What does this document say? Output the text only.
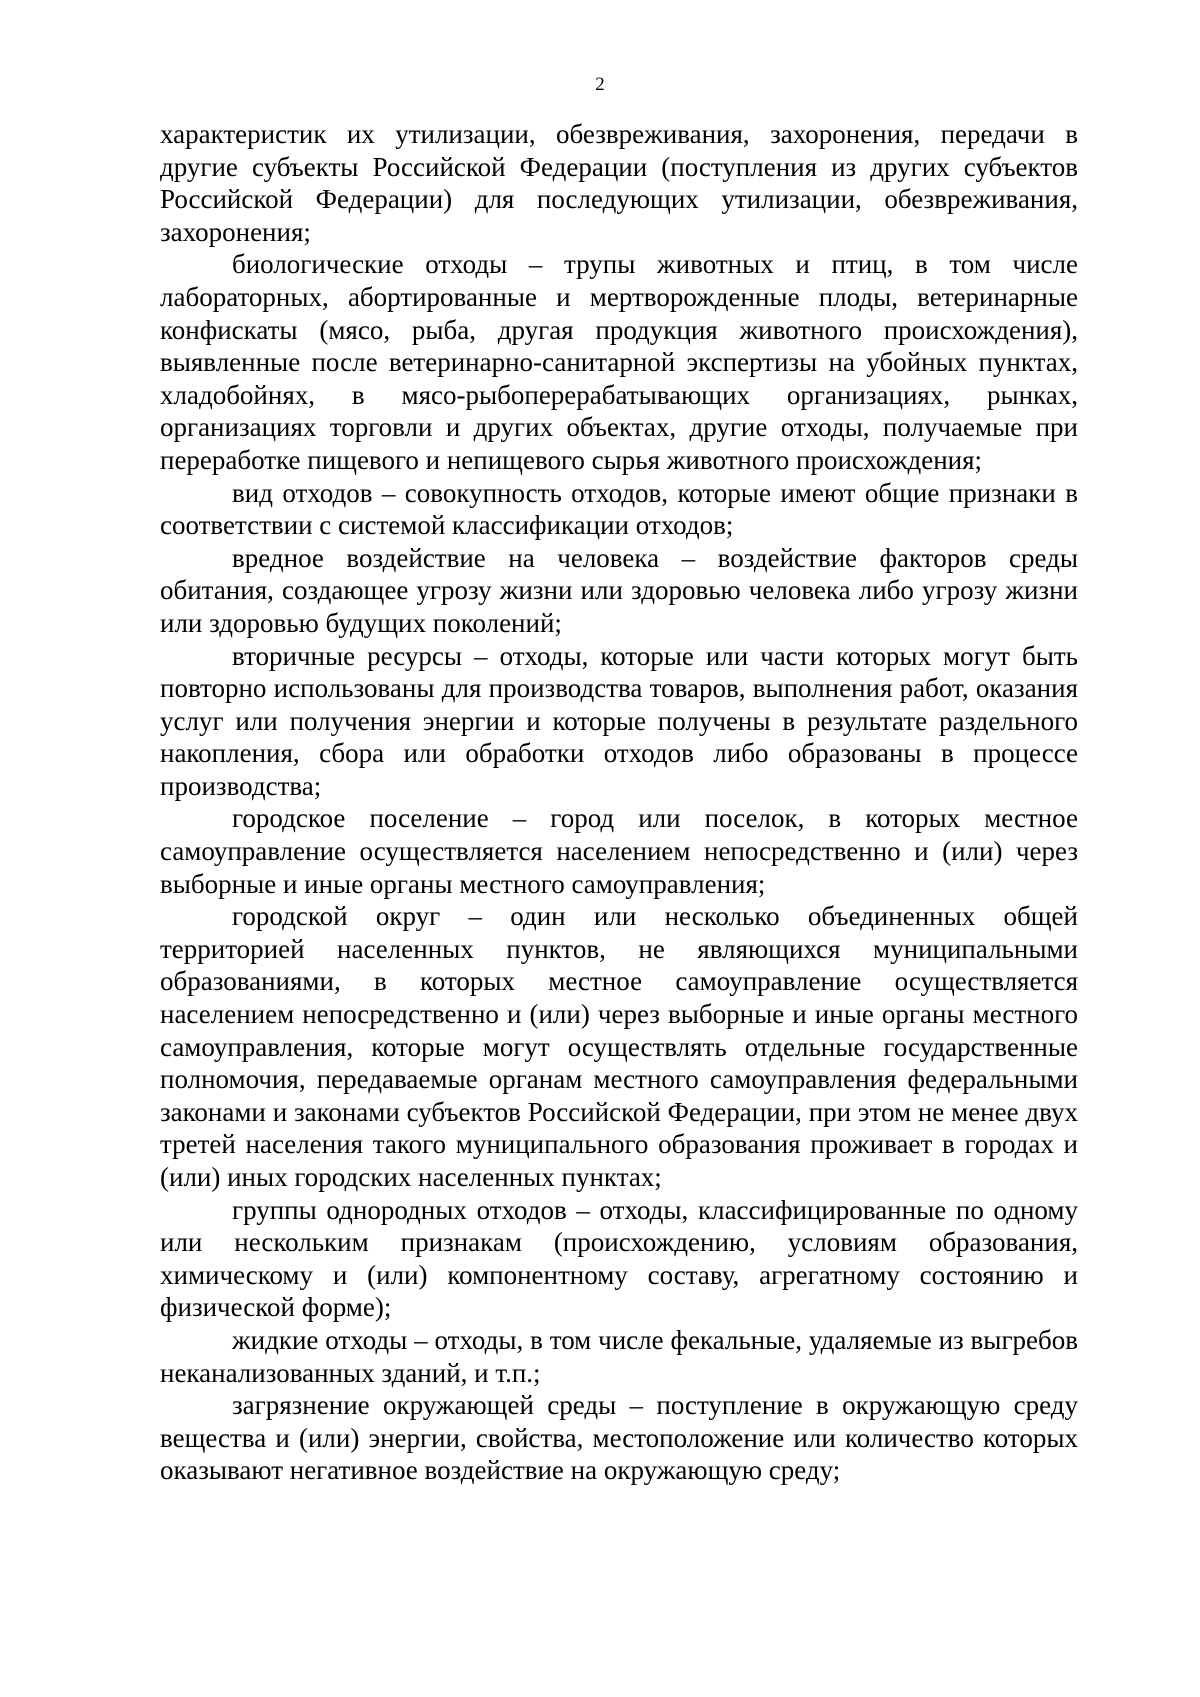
2

характеристик их утилизации, обезвреживания, захоронения, передачи в другие субъекты Российской Федерации (поступления из других субъектов Российской Федерации) для последующих утилизации, обезвреживания, захоронения;

биологические отходы – трупы животных и птиц, в том числе лабораторных, абортированные и мертворожденные плоды, ветеринарные конфискаты (мясо, рыба, другая продукция животного происхождения), выявленные после ветеринарно-санитарной экспертизы на убойных пунктах, хладобойнях, в мясо-рыбоперерабатывающих организациях, рынках, организациях торговли и других объектах, другие отходы, получаемые при переработке пищевого и непищевого сырья животного происхождения;

вид отходов – совокупность отходов, которые имеют общие признаки в соответствии с системой классификации отходов;

вредное воздействие на человека – воздействие факторов среды обитания, создающее угрозу жизни или здоровью человека либо угрозу жизни или здоровью будущих поколений;

вторичные ресурсы – отходы, которые или части которых могут быть повторно использованы для производства товаров, выполнения работ, оказания услуг или получения энергии и которые получены в результате раздельного накопления, сбора или обработки отходов либо образованы в процессе производства;

городское поселение – город или поселок, в которых местное самоуправление осуществляется населением непосредственно и (или) через выборные и иные органы местного самоуправления;

городской округ – один или несколько объединенных общей территорией населенных пунктов, не являющихся муниципальными образованиями, в которых местное самоуправление осуществляется населением непосредственно и (или) через выборные и иные органы местного самоуправления, которые могут осуществлять отдельные государственные полномочия, передаваемые органам местного самоуправления федеральными законами и законами субъектов Российской Федерации, при этом не менее двух третей населения такого муниципального образования проживает в городах и (или) иных городских населенных пунктах;

группы однородных отходов – отходы, классифицированные по одному или нескольким признакам (происхождению, условиям образования, химическому и (или) компонентному составу, агрегатному состоянию и физической форме);

жидкие отходы – отходы, в том числе фекальные, удаляемые из выгребов неканализованных зданий, и т.п.;

загрязнение окружающей среды – поступление в окружающую среду вещества и (или) энергии, свойства, местоположение или количество которых оказывают негативное воздействие на окружающую среду;
